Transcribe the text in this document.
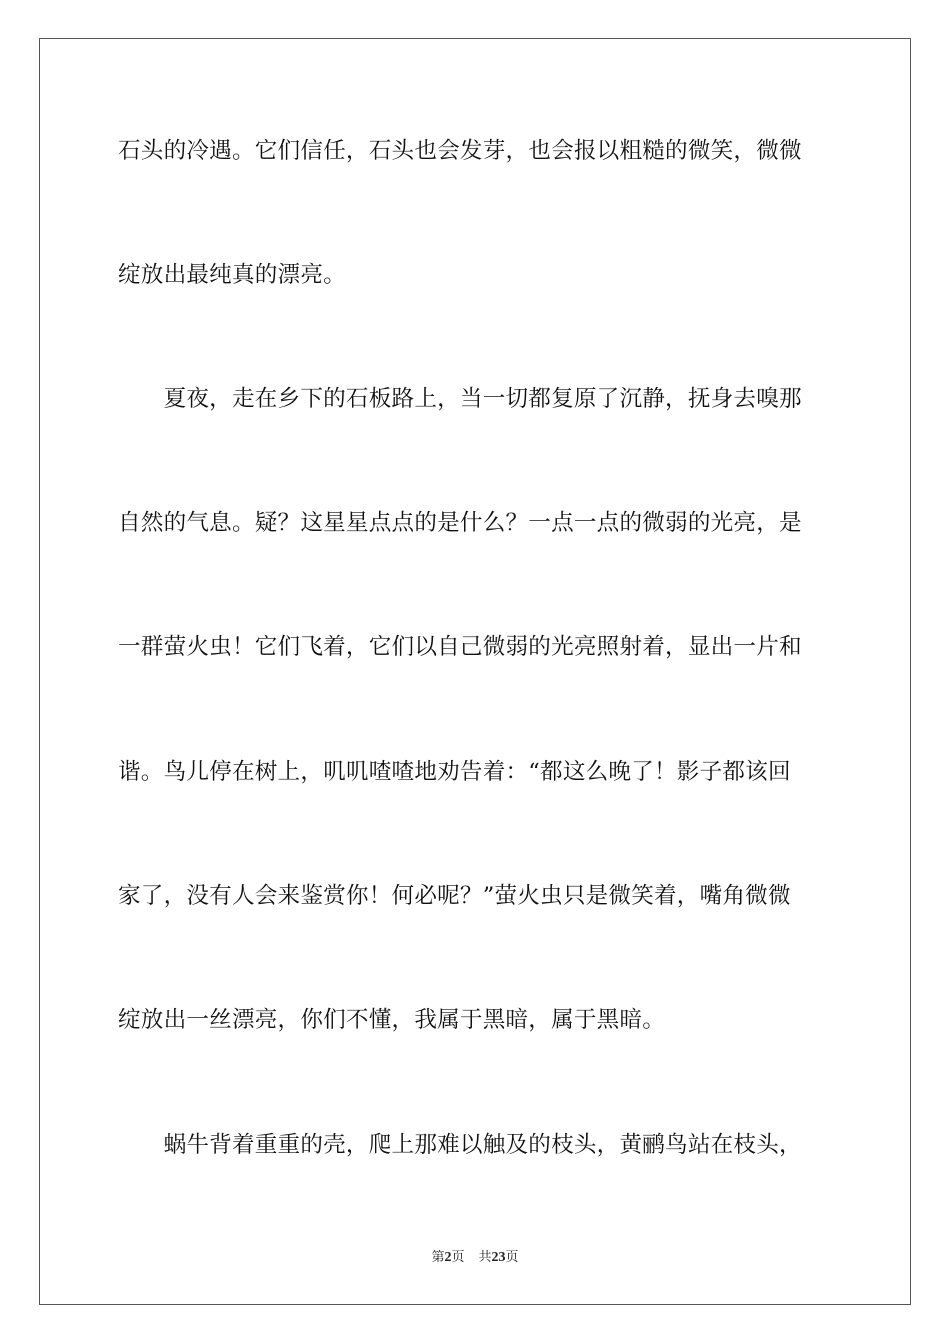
石头的冷遇。它们信任，石头也会发芽，也会报以粗糙的微笑，微微
绽放出最纯真的漂亮。
　　夏夜，走在乡下的石板路上，当一切都复原了沉静，抚身去嗅那
自然的气息。疑？这星星点点的是什么？一点一点的微弱的光亮，是
一群萤火虫！它们飞着，它们以自己微弱的光亮照射着，显出一片和
谐。鸟儿停在树上，叽叽喳喳地劝告着：“都这么晚了！影子都该回
家了，没有人会来鉴赏你！何必呢？”萤火虫只是微笑着，嘴角微微
绽放出一丝漂亮，你们不懂，我属于黑暗，属于黑暗。
　　蜗牛背着重重的壳，爬上那难以触及的枝头，黄鹂鸟站在枝头，
第2页 共23页
